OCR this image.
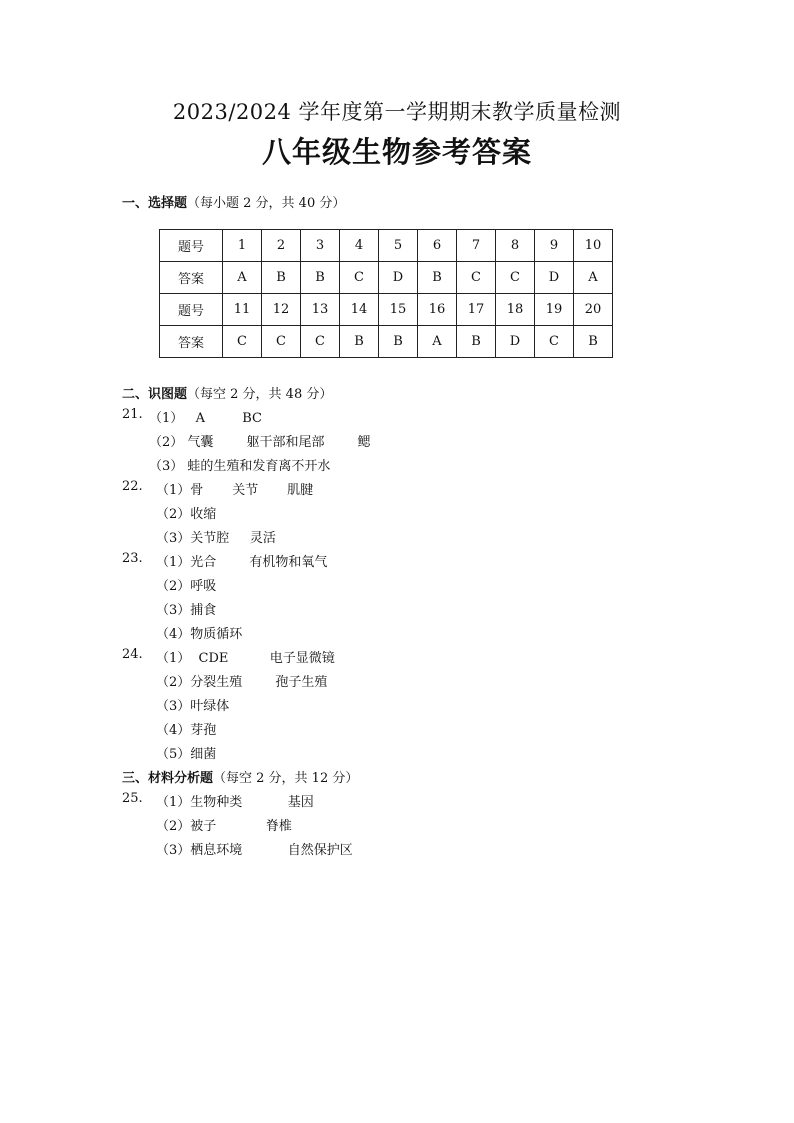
2023/2024 学年度第一学期期末教学质量检测
八年级生物参考答案
一、选择题（每小题 2 分，共 40 分）
题号	1	2	3	4	5	6	7	8	9	10
答案	A	B	B	C	D	B	C	C	D	A
题号	11	12	13	14	15	16	17	18	19	20
答案	C	C	C	B	B	A	B	D	C	B
二、识图题（每空 2 分，共 48 分）
21. （1）   A         BC
（2） 气囊        躯干部和尾部        鳃
（3） 蛙的生殖和发育离不开水
22. （1）骨       关节       肌腱
（2）收缩
（3）关节腔     灵活
23. （1）光合        有机物和氧气
（2）呼吸
（3）捕食
（4）物质循环
24. （1）  CDE          电子显微镜
（2）分裂生殖        孢子生殖
（3）叶绿体
（4）芽孢
（5）细菌
三、材料分析题（每空 2 分，共 12 分）
25. （1）生物种类           基因
（2）被子            脊椎
（3）栖息环境           自然保护区
